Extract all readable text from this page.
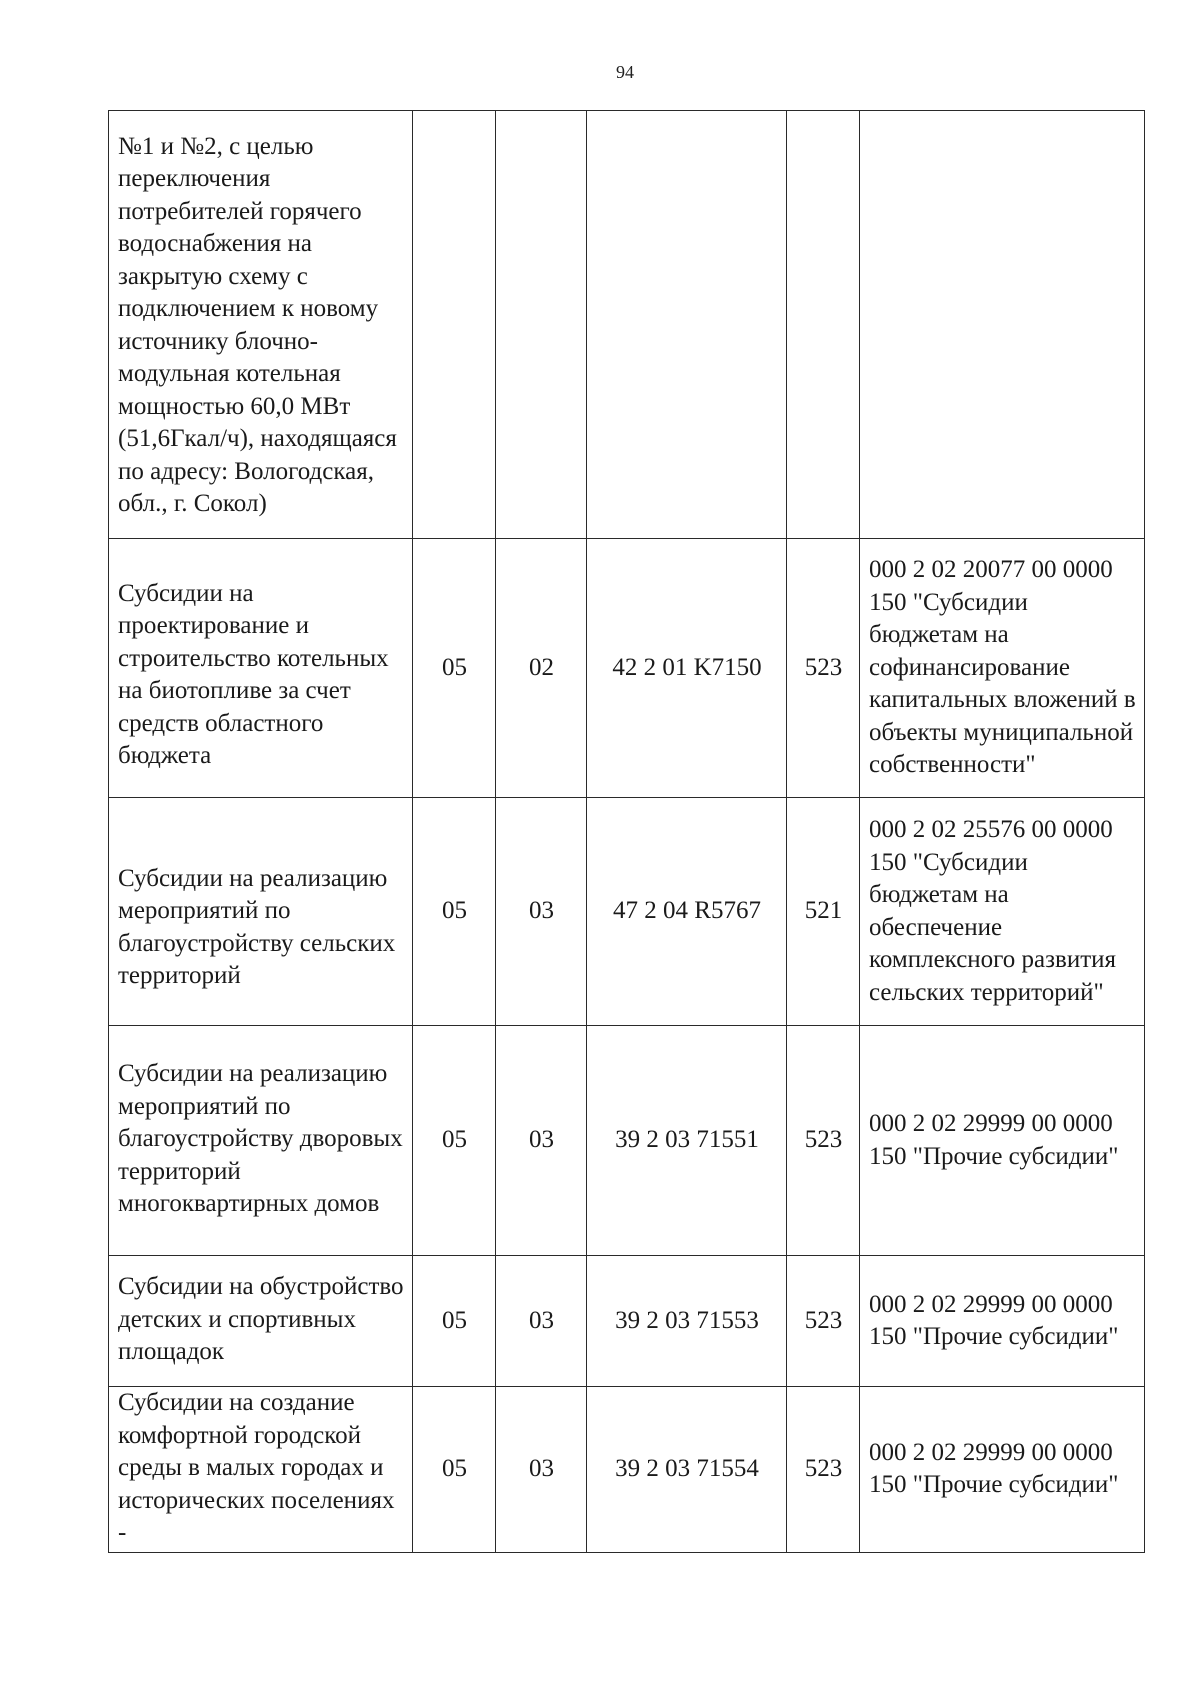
94
№1 и №2, с целью переключения потребителей горячего водоснабжения на закрытую схему с подключением к новому источнику блочно-модульная котельная мощностью 60,0 МВт (51,6Гкал/ч), находящаяся по адресу: Вологодская, обл., г. Сокол)					
Субсидии на проектирование и строительство котельных на биотопливе за счет средств областного бюджета	05	02	42 2 01 K7150	523	000 2 02 20077 00 0000 150 "Субсидии бюджетам на софинансирование капитальных вложений в объекты муниципальной собственности"
Субсидии на реализацию мероприятий по благоустройству сельских территорий	05	03	47 2 04 R5767	521	000 2 02 25576 00 0000 150 "Субсидии бюджетам на обеспечение комплексного развития сельских территорий"
Субсидии на реализацию мероприятий по благоустройству дворовых территорий многоквартирных домов	05	03	39 2 03 71551	523	000 2 02 29999 00 0000 150 "Прочие субсидии"
Субсидии на обустройство детских и спортивных площадок	05	03	39 2 03 71553	523	000 2 02 29999 00 0000 150 "Прочие субсидии"
Субсидии на создание комфортной городской среды в малых городах и исторических поселениях -	05	03	39 2 03 71554	523	000 2 02 29999 00 0000 150 "Прочие субсидии"
